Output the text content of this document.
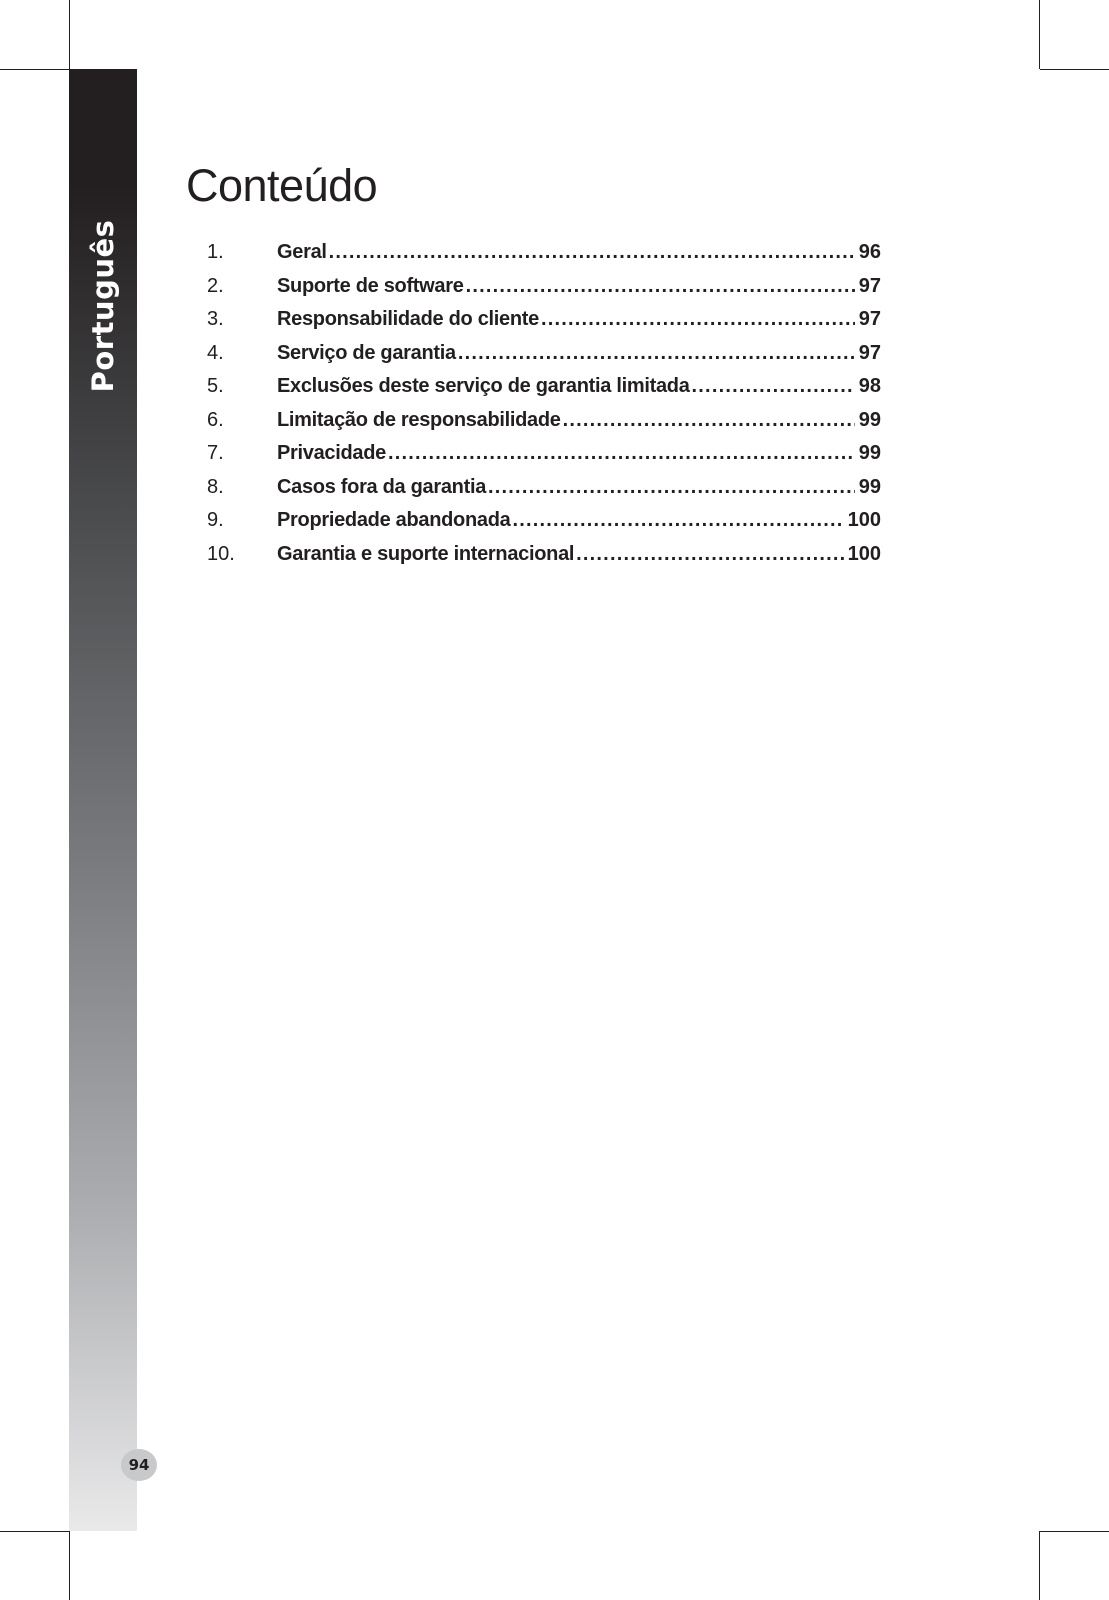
Português
94
Conteúdo
1.	Geral .....	96
2.	Suporte de software .....	97
3.	Responsabilidade do cliente .....	97
4.	Serviço de garantia .....	97
5.	Exclusões deste serviço de garantia limitada .....	98
6.	Limitação de responsabilidade .....	99
7.	Privacidade .....	99
8.	Casos fora da garantia .....	99
9.	Propriedade abandonada .....	100
10.	Garantia e suporte internacional .....	100
